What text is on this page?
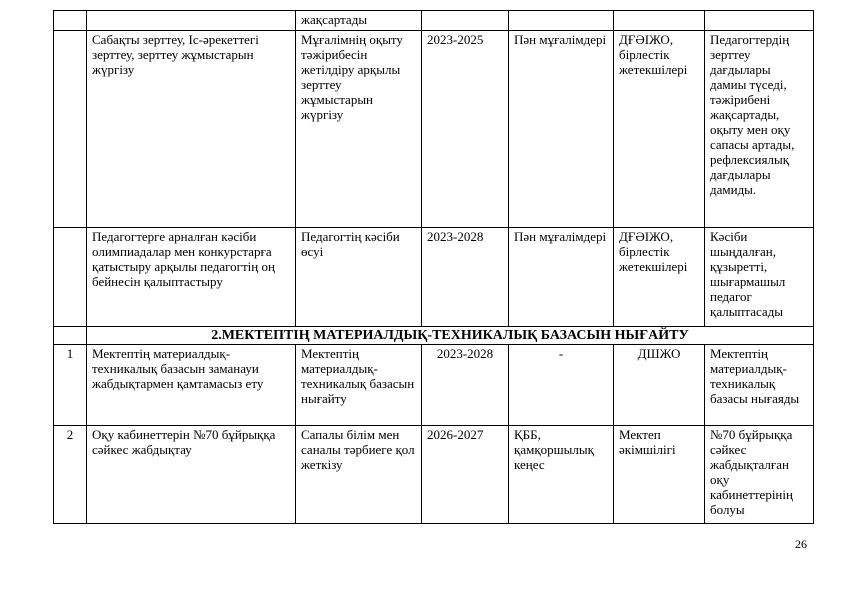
		жақсартады				
	Сабақты зерттеу, Іс-әрекеттегі зерттеу, зерттеу жұмыстарын жүргізу	Мұғалімнің оқыту тәжірибесін жетілдіру арқылы зерттеу жұмыстарын жүргізу	2023-2025	Пән мұғалімдері	ДҒӘІЖО, бірлестік жетекшілері	Педагогтердің зерттеу дағдылары дамиы түседі, тәжірибені жақсартады, оқыту мен оқу сапасы артады, рефлексиялық дағдылары дамиды.
	Педагогтерге арналған кәсіби олимпиадалар мен конкурстарға қатыстыру арқылы педагогтің оң бейнесін қалыптастыру	Педагогтің кәсіби өсуі	2023-2028	Пән мұғалімдері	ДҒӘІЖО, бірлестік жетекшілері	Кәсіби шыңдалған, құзыретті, шығармашыл педагог қалыптасады
	2.МЕКТЕПТІҢ МАТЕРИАЛДЫҚ-ТЕХНИКАЛЫҚ БАЗАСЫН НЫҒАЙТУ					
1	Мектептің материалдық-техникалық базасын заманауи жабдықтармен қамтамасыз ету	Мектептің материалдық-техникалық базасын нығайту	2023-2028	-	ДШЖО	Мектептің материалдық-техникалық базасы нығаяды
2	Оқу кабинеттерін №70 бұйрыққа сәйкес жабдықтау	Сапалы білім мен саналы тәрбиеге қол жеткізу	2026-2027	ҚББ, қамқоршылық кеңес	Мектеп әкімшілігі	№70 бұйрыққа сәйкес жабдықталған оқу кабинеттерінің болуы
26
